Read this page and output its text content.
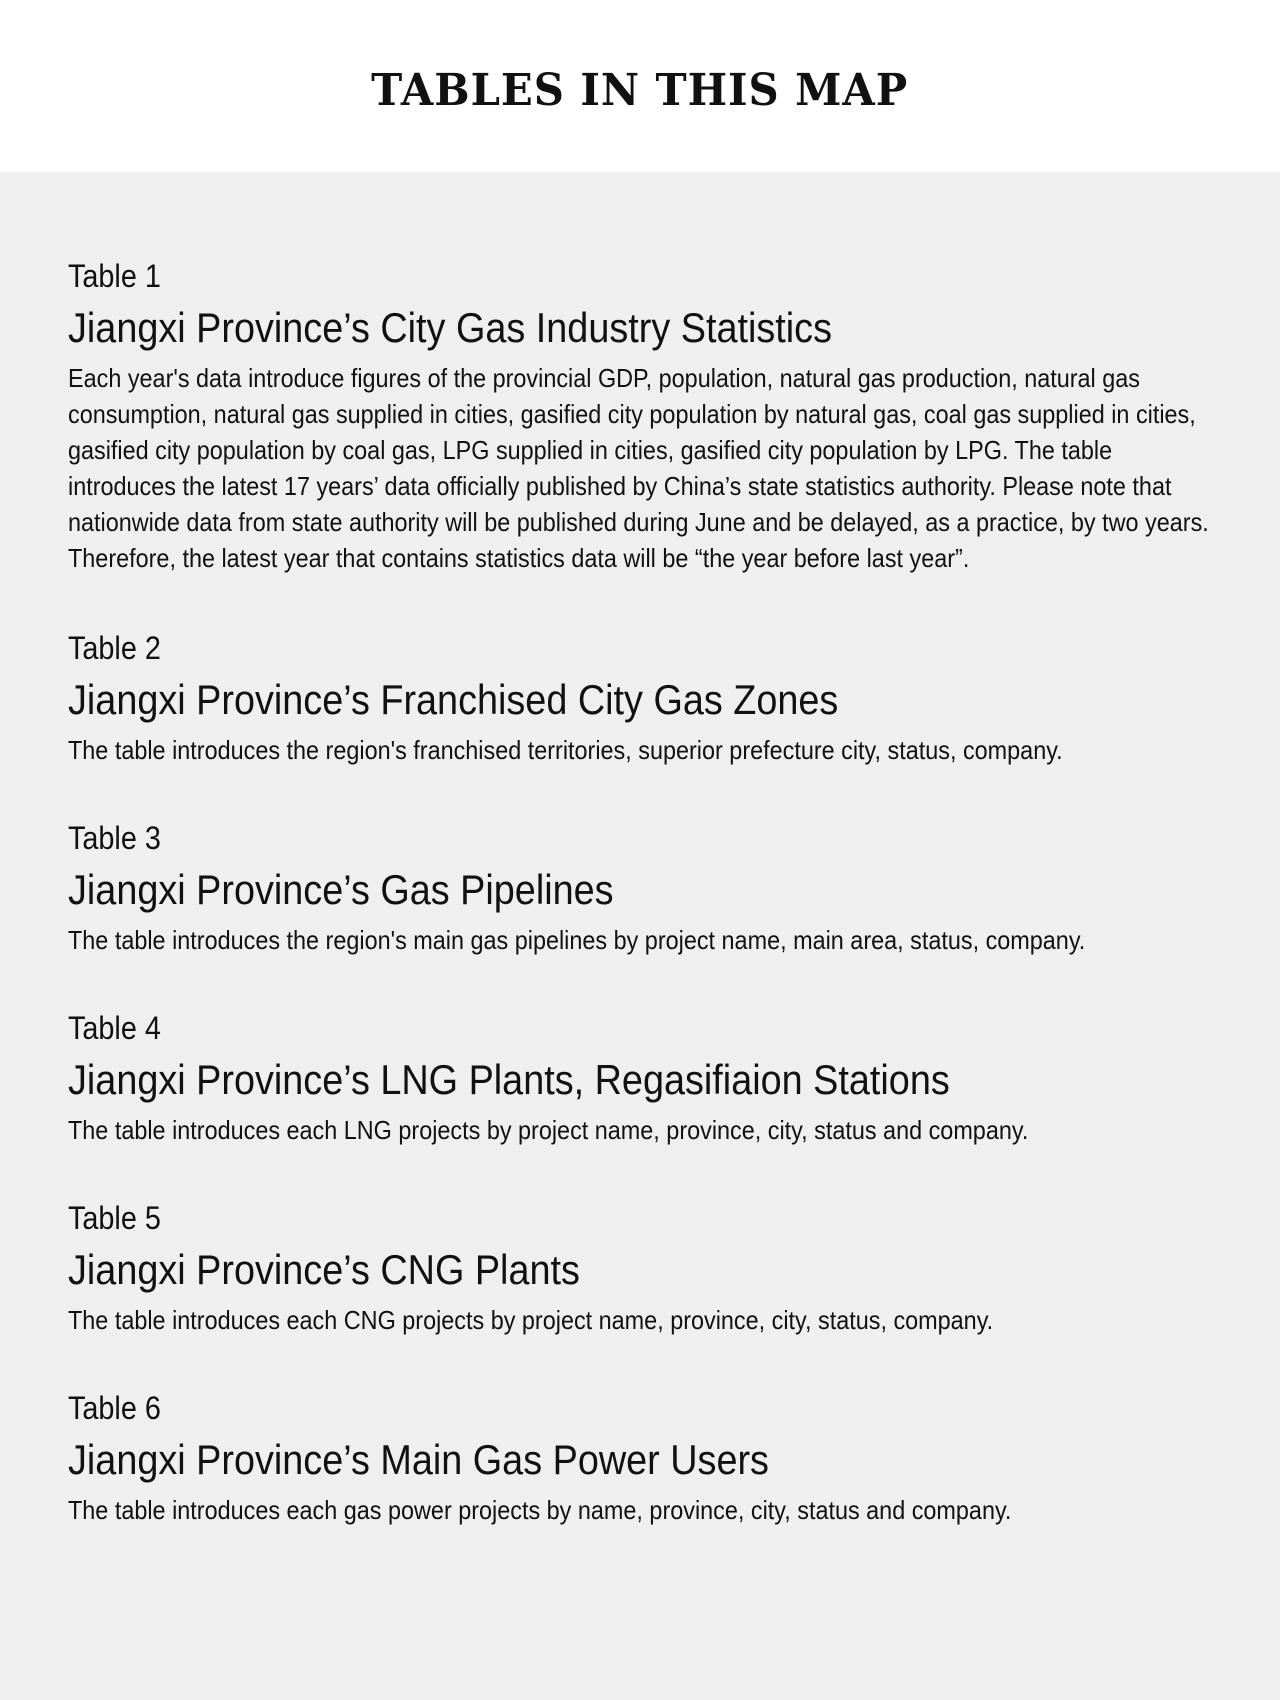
TABLES IN THIS MAP
Table 1
Jiangxi Province’s City Gas Industry Statistics

Each year's data introduce figures of the provincial GDP, population, natural gas production, natural gas consumption, natural gas supplied in cities, gasified city population by natural gas, coal gas supplied in cities, gasified city population by coal gas, LPG supplied in cities, gasified city population by LPG. The table introduces the latest 17 years’ data officially published by China’s state statistics authority. Please note that nationwide data from state authority will be published during June and be delayed, as a practice, by two years. Therefore, the latest year that contains statistics data will be “the year before last year”.

Table 2
Jiangxi Province’s Franchised City Gas Zones

The table introduces the region's franchised territories, superior prefecture city, status, company.

Table 3
Jiangxi Province’s Gas Pipelines

The table introduces the region's main gas pipelines by project name, main area, status, company.

Table 4
Jiangxi Province’s LNG Plants, Regasifiaion Stations

The table introduces each LNG projects by project name, province, city, status and company.

Table 5
Jiangxi Province’s CNG Plants

The table introduces each CNG projects by project name, province, city, status, company.

Table 6
Jiangxi Province’s Main Gas Power Users

The table introduces each gas power projects by name, province, city, status and company.
